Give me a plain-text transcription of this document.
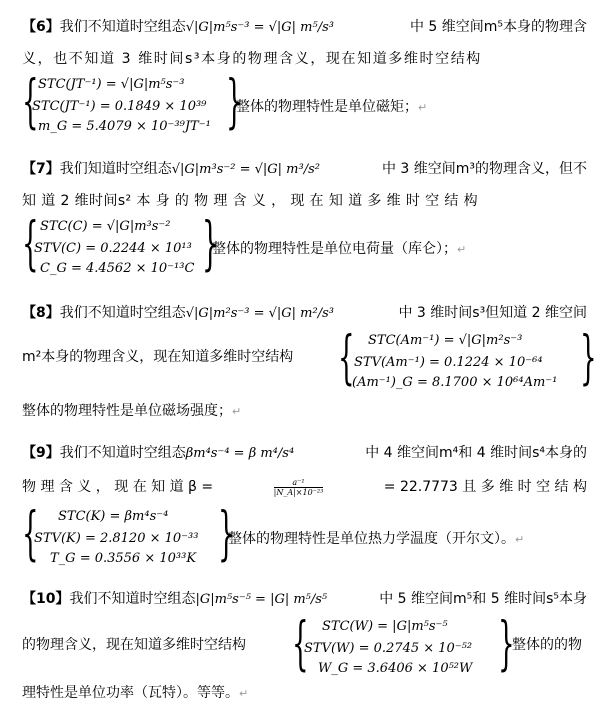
【6】我们不知道时空组态√|G|m⁵s⁻³ = √|G| m⁵/s³	中 5 维空间m⁵本身的物理含
义，也不知道 3 维时间s³本身的物理含义，现在知道多维时空结构
{ STC(JT⁻¹) = √|G|m⁵s⁻³
STC(JT⁻¹) = 0.1849 × 10³⁹
m_G = 5.4079 × 10⁻³⁹JT⁻¹ }
整体的物理特性是单位磁矩；↵
【7】我们知道时空组态√|G|m³s⁻² = √|G| m³/s²	中 3 维空间m³的物理含义，但不
知 道 2 维时间s² 本 身 的 物 理 含 义 ， 现 在 知 道 多 维 时 空 结 构
{ STC(C) = √|G|m³s⁻²
STV(C) = 0.2244 × 10¹³
C_G = 4.4562 × 10⁻¹³C }
整体的物理特性是单位电荷量（库仑）；↵
【8】我们不知道时空组态√|G|m²s⁻³ = √|G| m²/s³	中 3 维时间s³但知道 2 维空间
m²本身的物理含义，现在知道多维时空结构 { STC(Am⁻¹) = √|G|m²s⁻³
STV(Am⁻¹) = 0.1224 × 10⁻⁶⁴
(Am⁻¹)_G = 8.1700 × 10⁶⁴Am⁻¹ }
整体的物理特性是单位磁场强度；↵
【9】我们不知道时空组态βm⁴s⁻⁴ = β m⁴/s⁴	中 4 维空间m⁴和 4 维时间s⁴本身的
物 理 含 义 ， 现 在 知 道 β =	$\frac{\text{a⁻¹}}{\text{|N\_A|×10⁻²³}}$	= 22.7773 且 多 维 时 空 结 构
{ STC(K) = βm⁴s⁻⁴
STV(K) = 2.8120 × 10⁻³³
T_G = 0.3556 × 10³³K }
整体的物理特性是单位热力学温度（开尔文）。↵
【10】我们不知道时空组态|G|m⁵s⁻⁵ = |G| m⁵/s⁵	中 5 维空间m⁵和 5 维时间s⁵本身
的物理含义，现在知道多维时空结构 { STC(W) = |G|m⁵s⁻⁵
STV(W) = 0.2745 × 10⁻⁵²
W_G = 3.6406 × 10⁵²W }
整体的的物
理特性是单位功率（瓦特）。等等。↵
